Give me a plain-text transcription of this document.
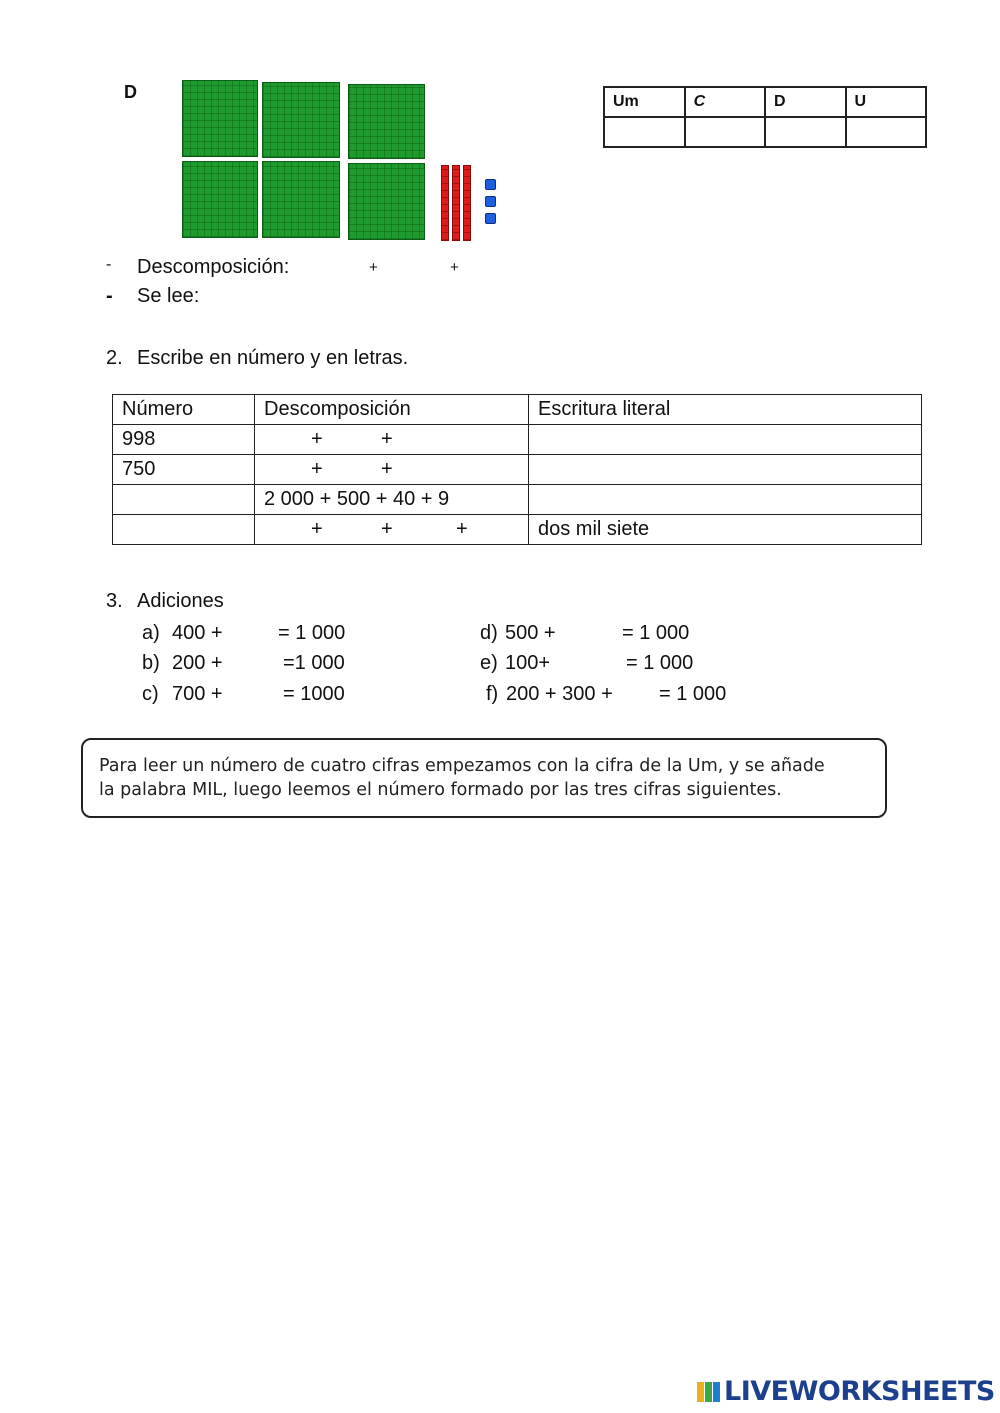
D	Um	C	D	U

- Descomposición:	+	+
- Se lee:
2. Escribe en número y en letras.
Número	Descomposición	Escritura literal
998	+ +	

750	+ +	

	2 000 + 500 + 40 + 9	

	+ + +	dos mil siete
3. Adiciones
a) 400 +	= 1 000
b) 200 +	=1 000
c) 700 +	= 1000
d) 500 +	= 1 000
e) 100+	= 1 000
f) 200 + 300 + = 1 000
Para leer un número de cuatro cifras empezamos con la cifra de la Um, y se añade
la palabra MIL, luego leemos el número formado por las tres cifras siguientes.
LIVEWORKSHEETS
